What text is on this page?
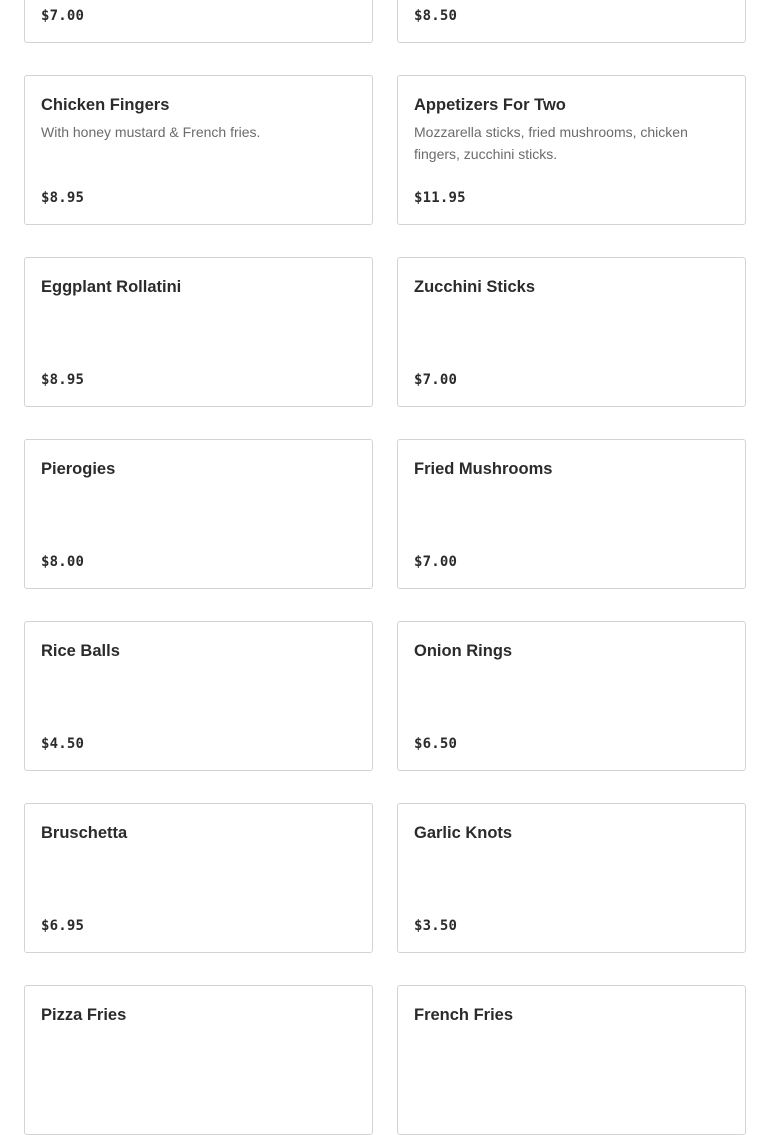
$7.00	$8.50
Chicken Fingers
With honey mustard & French fries.
$8.95
Appetizers For Two
Mozzarella sticks, fried mushrooms, chicken fingers, zucchini sticks.
$11.95
Eggplant Rollatini
$8.95
Zucchini Sticks
$7.00
Pierogies
$8.00
Fried Mushrooms
$7.00
Rice Balls
$4.50
Onion Rings
$6.50
Bruschetta
$6.95
Garlic Knots
$3.50
Pizza Fries	French Fries
